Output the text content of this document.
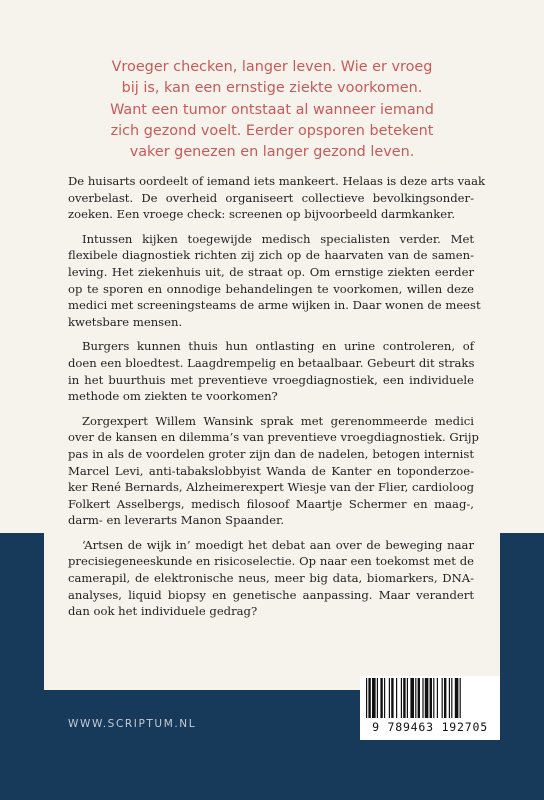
Vroeger checken, langer leven. Wie er vroeg
bij is, kan een ernstige ziekte voorkomen.
Want een tumor ontstaat al wanneer iemand
zich gezond voelt. Eerder opsporen betekent
vaker genezen en langer gezond leven.
De huisarts oordeelt of iemand iets mankeert. Helaas is deze arts vaak
overbelast. De overheid organiseert collectieve bevolkingsonder-
zoeken. Een vroege check: screenen op bijvoorbeeld darmkanker.
Intussen kijken toegewijde medisch specialisten verder. Met
flexibele diagnostiek richten zij zich op de haarvaten van de samen-
leving. Het ziekenhuis uit, de straat op. Om ernstige ziekten eerder
op te sporen en onnodige behandelingen te voorkomen, willen deze
medici met screeningsteams de arme wijken in. Daar wonen de meest
kwetsbare mensen.
Burgers kunnen thuis hun ontlasting en urine controleren, of
doen een bloedtest. Laagdrempelig en betaalbaar. Gebeurt dit straks
in het buurthuis met preventieve vroegdiagnostiek, een individuele
methode om ziekten te voorkomen?
Zorgexpert Willem Wansink sprak met gerenommeerde medici
over de kansen en dilemma’s van preventieve vroegdiagnostiek. Grijp
pas in als de voordelen groter zijn dan de nadelen, betogen internist
Marcel Levi, anti-tabakslobbyist Wanda de Kanter en toponderzoe-
ker René Bernards, Alzheimerexpert Wiesje van der Flier, cardioloog
Folkert Asselbergs, medisch filosoof Maartje Schermer en maag-,
darm- en leverarts Manon Spaander.
‘Artsen de wijk in’ moedigt het debat aan over de beweging naar
precisiegeneeskunde en risicoselectie. Op naar een toekomst met de
camerapil, de elektronische neus, meer big data, biomarkers, DNA-
analyses, liquid biopsy en genetische aanpassing. Maar verandert
dan ook het individuele gedrag?
WWW.SCRIPTUM.NL	9 789463 192705
